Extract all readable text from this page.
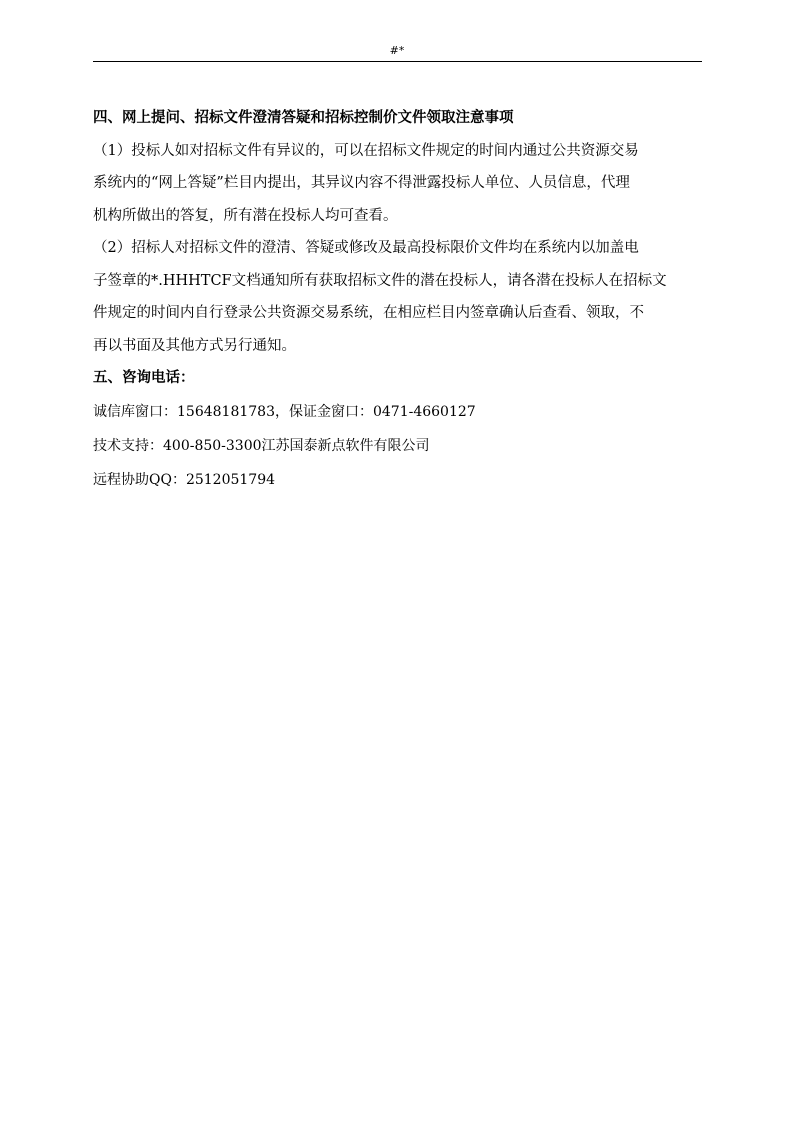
#*
四、网上提问、招标文件澄清答疑和招标控制价文件领取注意事项
（1）投标人如对招标文件有异议的，可以在招标文件规定的时间内通过公共资源交易
系统内的“网上答疑”栏目内提出，其异议内容不得泄露投标人单位、人员信息，代理
机构所做出的答复，所有潜在投标人均可查看。
（2）招标人对招标文件的澄清、答疑或修改及最高投标限价文件均在系统内以加盖电
子签章的*.HHHTCF文档通知所有获取招标文件的潜在投标人，请各潜在投标人在招标文
件规定的时间内自行登录公共资源交易系统，在相应栏目内签章确认后查看、领取，不
再以书面及其他方式另行通知。
五、咨询电话：
诚信库窗口：15648181783，保证金窗口：0471-4660127
技术支持：400-850-3300江苏国泰新点软件有限公司
远程协助QQ：2512051794
